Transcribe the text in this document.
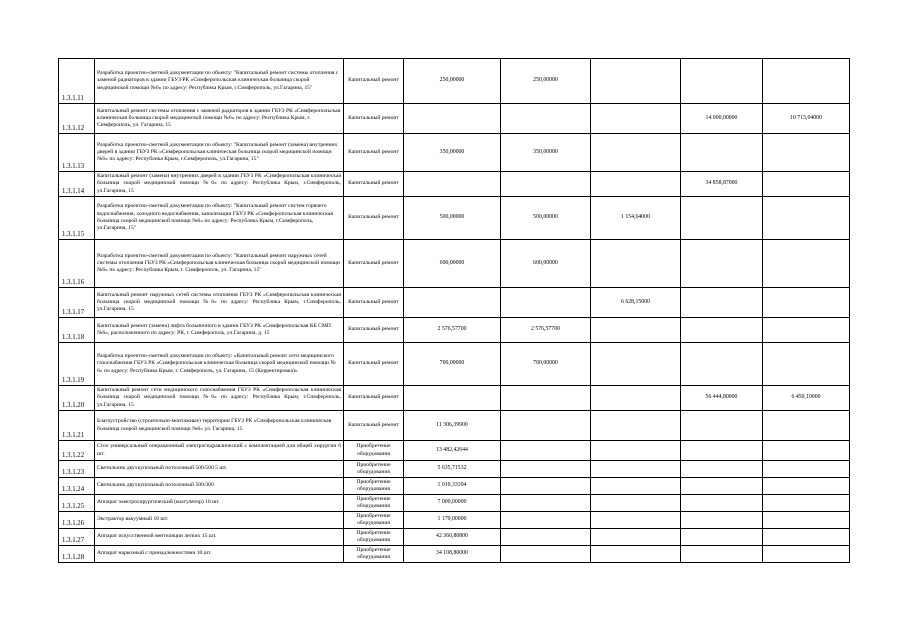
1.3.1.11	Разработка проектно-сметной документации по объекту: "Капитальный ремонт системы отопления с заменой радиаторов в здании ГБУЗ РК «Симферопольская клиническая больница скорой медицинской помощи №6» по адресу: Республика Крым, г.Симферополь, ул.Гагарина, 15"	Капитальный ремонт	250,00000	250,00000			
1.3.1.12	Капитальный ремонт системы отопления с заменой радиаторов в здании ГБУЗ РК «Симферопольская клиническая больница скорой медицинской помощи №6» по адресу: Республика Крым, г. Симферополь, ул. Гагарина, 15	Капитальный ремонт				14 000,00000	10 715,04000
1.3.1.13	Разработка проектно-сметной документации по объекту: "Капитальный ремонт (замена) внутренних дверей в здании ГБУЗ РК «Симферопольская клиническая больница скорой медицинской помощи №6» по адресу: Республика Крым, г.Симферополь, ул.Гагарина, 15"	Капитальный ремонт	350,00000	350,00000			
1.3.1.14	Капитальный ремонт (замена) внутренних дверей в здании ГБУЗ РК «Симферопольская клиническая больница скорой медицинской помощи №6» по адресу: Республика Крым, г.Симферополь, ул.Гагарина, 15	Капитальный ремонт				34 858,87000	
1.3.1.15	Разработка проектно-сметной документации по объекту: "Капитальный ремонт систем горячего водоснабжения, холодного водоснабжения, канализации ГБУЗ РК «Симферопольская клиническая больница скорой медицинской помощи №6» по адресу: Республика Крым, г.Симферополь, ул.Гагарина, 15"	Капитальный ремонт	500,00000	500,00000	1 154,64000		
1.3.1.16	Разработка проектно-сметной документации по объекту: "Капитальный ремонт наружных сетей системы отопления ГБУЗ РК «Симферопольская клиническая больница скорой медицинской помощи №6» по адресу: Республика Крым, г. Симферополь, ул. Гагарина, 15"	Капитальный ремонт	600,00000	600,00000			
1.3.1.17	Капитальный ремонт наружных сетей системы отопления ГБУЗ РК «Симферопольская клиническая больница скорой медицинской помощи №6» по адресу: Республика Крым, г.Симферополь, ул.Гагарина, 15	Капитальный ремонт			6 628,15000		
1.3.1.18	Капитальный ремонт (замена) лифта больничного в здании ГБУЗ РК «Симферопольская КБ СМП №6», расположенного по адресу: РК, г. Симферополь, ул.Гагарина, д. 15	Капитальный ремонт	2 576,57700	2 576,57700			
1.3.1.19	Разработка проектно-сметной документации по объекту: «Капитальный ремонт сети медицинского газоснабжения ГБУЗ РК «Симферопольская клиническая больница скорой медицинской помощи № 6» по адресу: Республика Крым, г. Симферополь, ул. Гагарина, 15 (Корректировка)»	Капитальный ремонт	700,00000	700,00000			
1.3.1.20	Капитальный ремонт сети медицинского газоснабжения ГБУЗ РК «Симферопольская клиническая больница скорой медицинской помощи №6» по адресу: Республика Крым, г.Симферополь, ул.Гагарина, 15	Капитальный ремонт				56 444,80000	6 450,10000
1.3.1.21	Благоустройство (строительно-монтажные) территории ГБУЗ РК «Симферопольская клиническая больница скорой медицинской помощи №6» ул. Гагарина, 15	Капитальный ремонт	11 306,39900				
1.3.1.22	Стол универсальный операционный электрогидравлический с комплектацией для общей хирургии 6 шт.	Приобретение оборудования	13 482,42644				
1.3.1.23	Светильник двухкупольный потолочный 500/500 5 шт.	Приобретение оборудования	5 635,71532				
1.3.1.24	Светильник двухкупольный потолочный 500/300	Приобретение оборудования	1 010,33394				
1.3.1.25	Аппарат электрохирургический (коагулятор) 10 шт.	Приобретение оборудования	7 000,00000				
1.3.1.26	Экстрактор вакуумный 10 шт.	Приобретение оборудования	1 170,00000				
1.3.1.27	Аппарат искусственной вентиляции легких 15 шт.	Приобретение оборудования	42 360,80800				
1.3.1.28	Аппарат наркозный с принадлежностями 10 шт.	Приобретение оборудования	34 108,80000				
